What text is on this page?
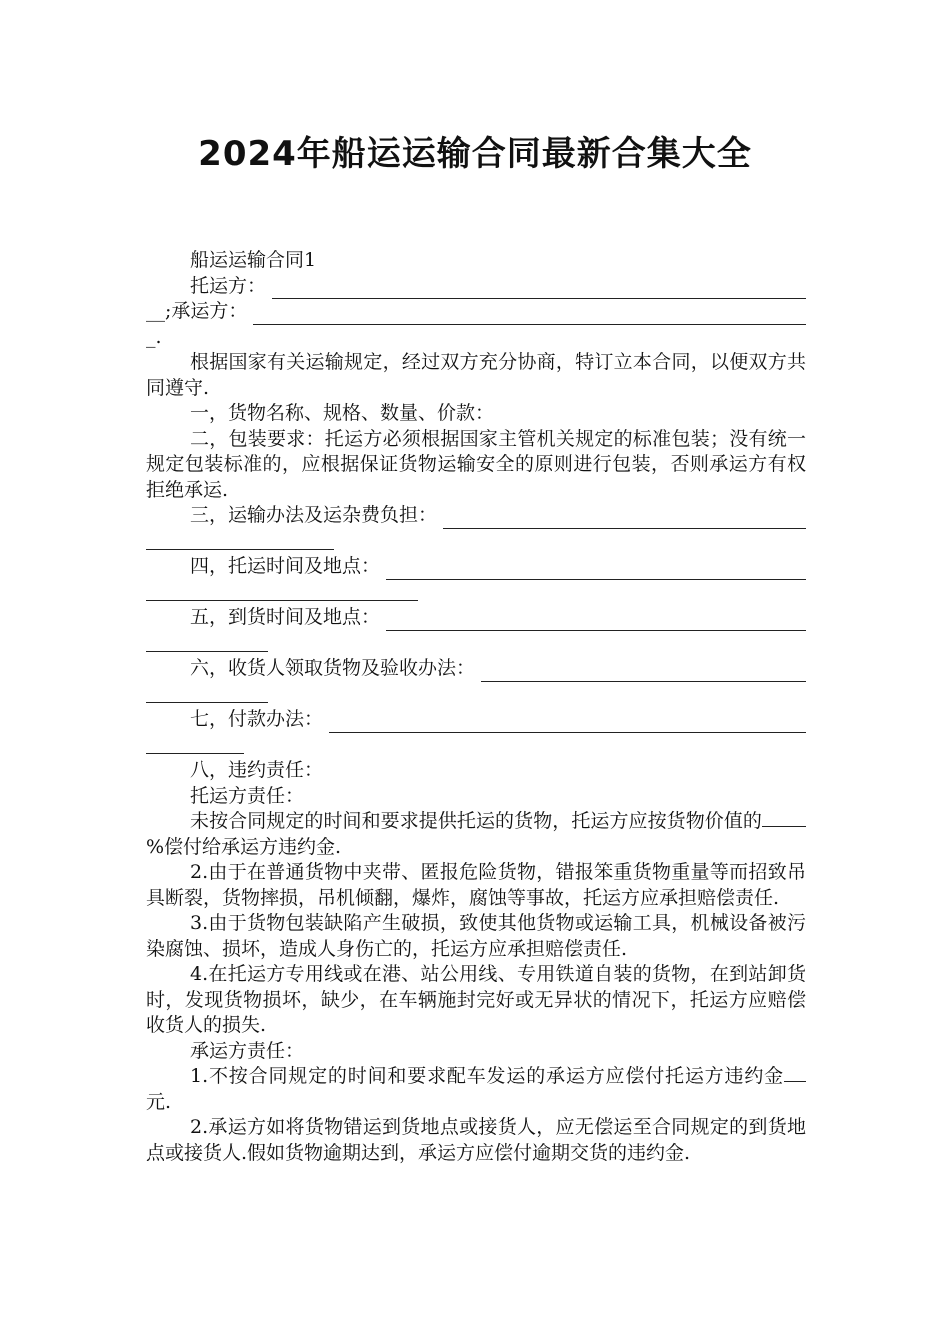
2024年船运运输合同最新合集大全

船运运输合同1

托运方：
__;承运方：

_.

根据国家有关运输规定，经过双方充分协商，特订立本合同，以便双方共同遵守.

一，货物名称、规格、数量、价款：

二，包装要求：托运方必须根据国家主管机关规定的标准包装；没有统一规定包装标准的，应根据保证货物运输安全的原则进行包装，否则承运方有权拒绝承运.

三，运输办法及运杂费负担：
四，托运时间及地点：
五，到货时间及地点：
六，收货人领取货物及验收办法：
七，付款办法：

八，违约责任：

托运方责任：

未按合同规定的时间和要求提供托运的货物，托运方应按货物价值的%偿付给承运方违约金.

2.由于在普通货物中夹带、匿报危险货物，错报笨重货物重量等而招致吊具断裂，货物摔损，吊机倾翻，爆炸，腐蚀等事故，托运方应承担赔偿责任.

3.由于货物包装缺陷产生破损，致使其他货物或运输工具，机械设备被污染腐蚀、损坏，造成人身伤亡的，托运方应承担赔偿责任.

4.在托运方专用线或在港、站公用线、专用铁道自装的货物，在到站卸货时，发现货物损坏，缺少，在车辆施封完好或无异状的情况下，托运方应赔偿收货人的损失.

承运方责任：

1.不按合同规定的时间和要求配车发运的承运方应偿付托运方违约金元.

2.承运方如将货物错运到货地点或接货人，应无偿运至合同规定的到货地点或接货人.假如货物逾期达到，承运方应偿付逾期交货的违约金.
